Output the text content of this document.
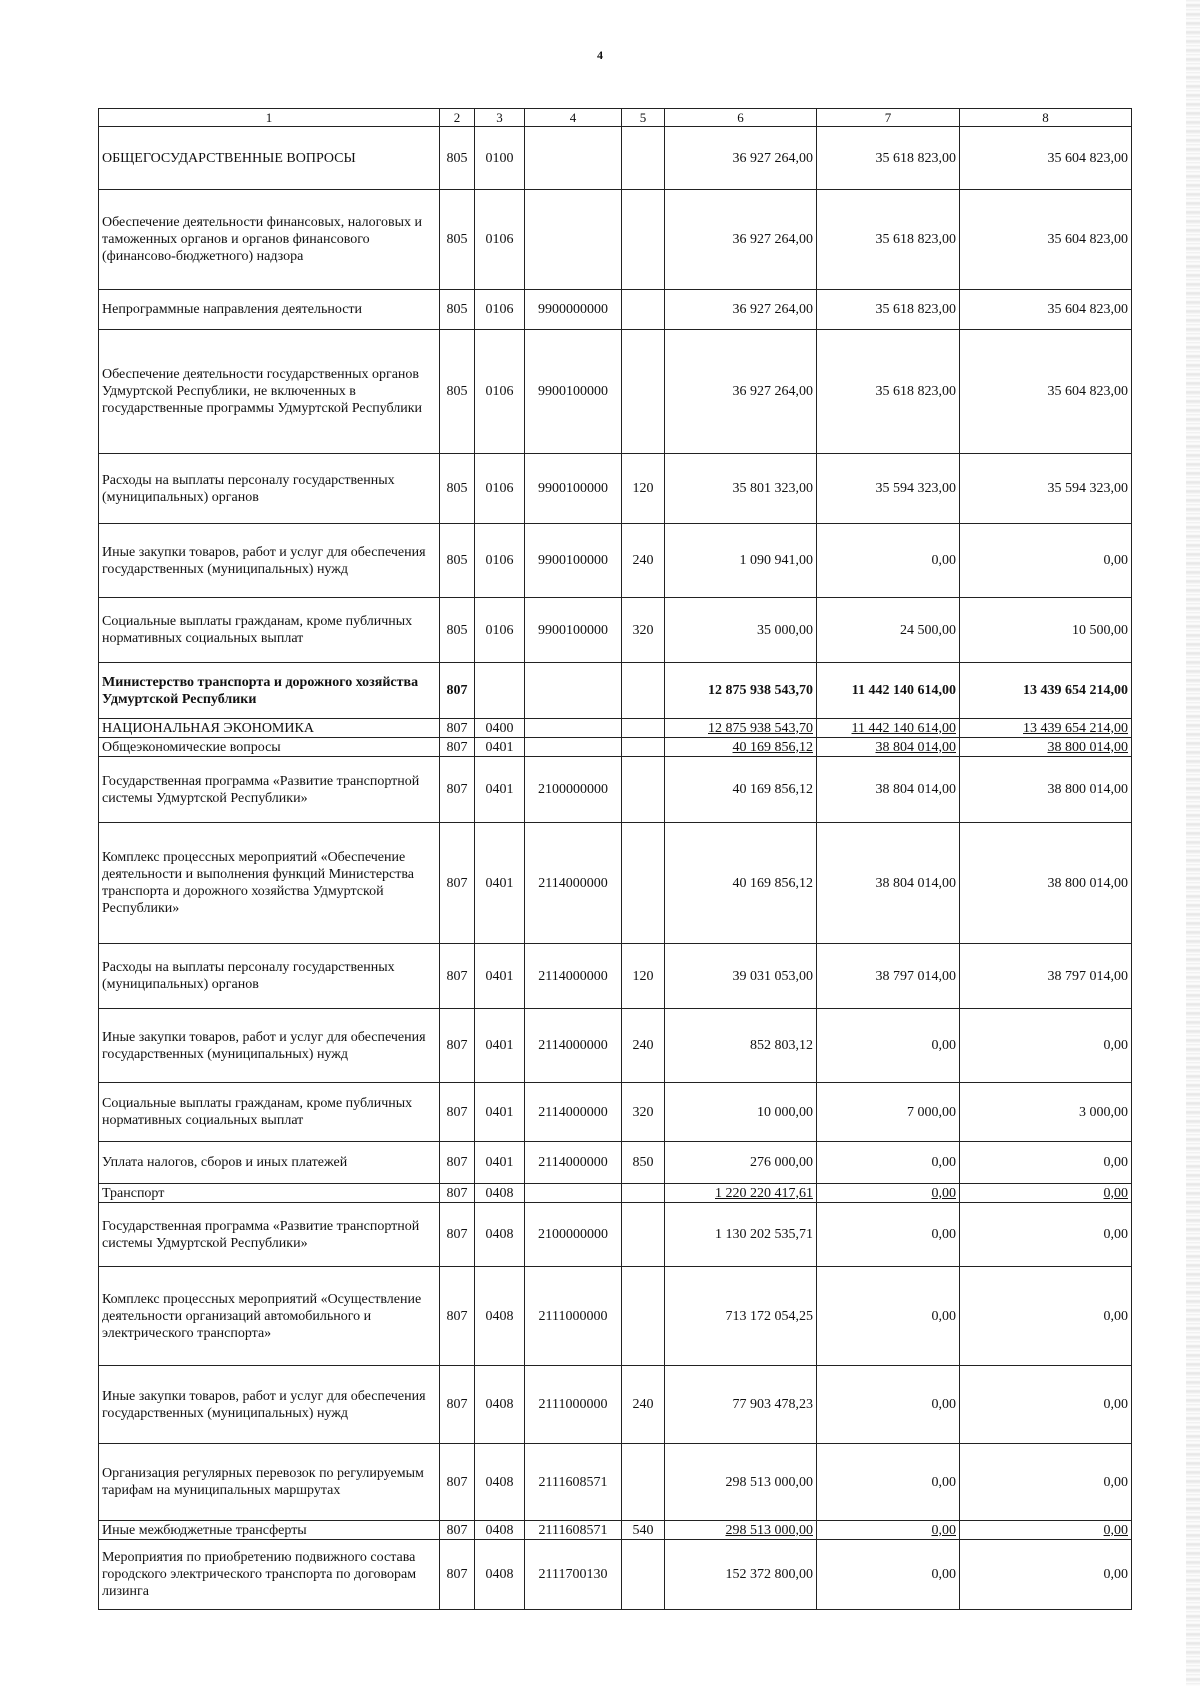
4
1	2	3	4	5	6	7	8
ОБЩЕГОСУДАРСТВЕННЫЕ ВОПРОСЫ	805	0100			36 927 264,00	35 618 823,00	35 604 823,00
Обеспечение деятельности финансовых, налоговых и таможенных органов и органов финансового (финансово-бюджетного) надзора	805	0106			36 927 264,00	35 618 823,00	35 604 823,00
Непрограммные направления деятельности	805	0106	9900000000		36 927 264,00	35 618 823,00	35 604 823,00
Обеспечение деятельности государственных органов Удмуртской Республики, не включенных в государственные программы Удмуртской Республики	805	0106	9900100000		36 927 264,00	35 618 823,00	35 604 823,00
Расходы на выплаты персоналу государственных (муниципальных) органов	805	0106	9900100000	120	35 801 323,00	35 594 323,00	35 594 323,00
Иные закупки товаров, работ и услуг для обеспечения государственных (муниципальных) нужд	805	0106	9900100000	240	1 090 941,00	0,00	0,00
Социальные выплаты гражданам, кроме публичных нормативных социальных выплат	805	0106	9900100000	320	35 000,00	24 500,00	10 500,00
Министерство транспорта и дорожного хозяйства Удмуртской Республики	807				12 875 938 543,70	11 442 140 614,00	13 439 654 214,00
НАЦИОНАЛЬНАЯ ЭКОНОМИКА	807	0400			12 875 938 543,70	11 442 140 614,00	13 439 654 214,00
Общеэкономические вопросы	807	0401			40 169 856,12	38 804 014,00	38 800 014,00
Государственная программа «Развитие транспортной системы Удмуртской Республики»	807	0401	2100000000		40 169 856,12	38 804 014,00	38 800 014,00
Комплекс процессных мероприятий «Обеспечение деятельности и выполнения функций Министерства транспорта и дорожного хозяйства Удмуртской Республики»	807	0401	2114000000		40 169 856,12	38 804 014,00	38 800 014,00
Расходы на выплаты персоналу государственных (муниципальных) органов	807	0401	2114000000	120	39 031 053,00	38 797 014,00	38 797 014,00
Иные закупки товаров, работ и услуг для обеспечения государственных (муниципальных) нужд	807	0401	2114000000	240	852 803,12	0,00	0,00
Социальные выплаты гражданам, кроме публичных нормативных социальных выплат	807	0401	2114000000	320	10 000,00	7 000,00	3 000,00
Уплата налогов, сборов и иных платежей	807	0401	2114000000	850	276 000,00	0,00	0,00
Транспорт	807	0408			1 220 220 417,61	0,00	0,00
Государственная программа «Развитие транспортной системы Удмуртской Республики»	807	0408	2100000000		1 130 202 535,71	0,00	0,00
Комплекс процессных мероприятий «Осуществление деятельности организаций автомобильного и электрического транспорта»	807	0408	2111000000		713 172 054,25	0,00	0,00
Иные закупки товаров, работ и услуг для обеспечения государственных (муниципальных) нужд	807	0408	2111000000	240	77 903 478,23	0,00	0,00
Организация регулярных перевозок по регулируемым тарифам на муниципальных маршрутах	807	0408	2111608571		298 513 000,00	0,00	0,00
Иные межбюджетные трансферты	807	0408	2111608571	540	298 513 000,00	0,00	0,00
Мероприятия по приобретению подвижного состава городского электрического транспорта по договорам лизинга	807	0408	2111700130		152 372 800,00	0,00	0,00
